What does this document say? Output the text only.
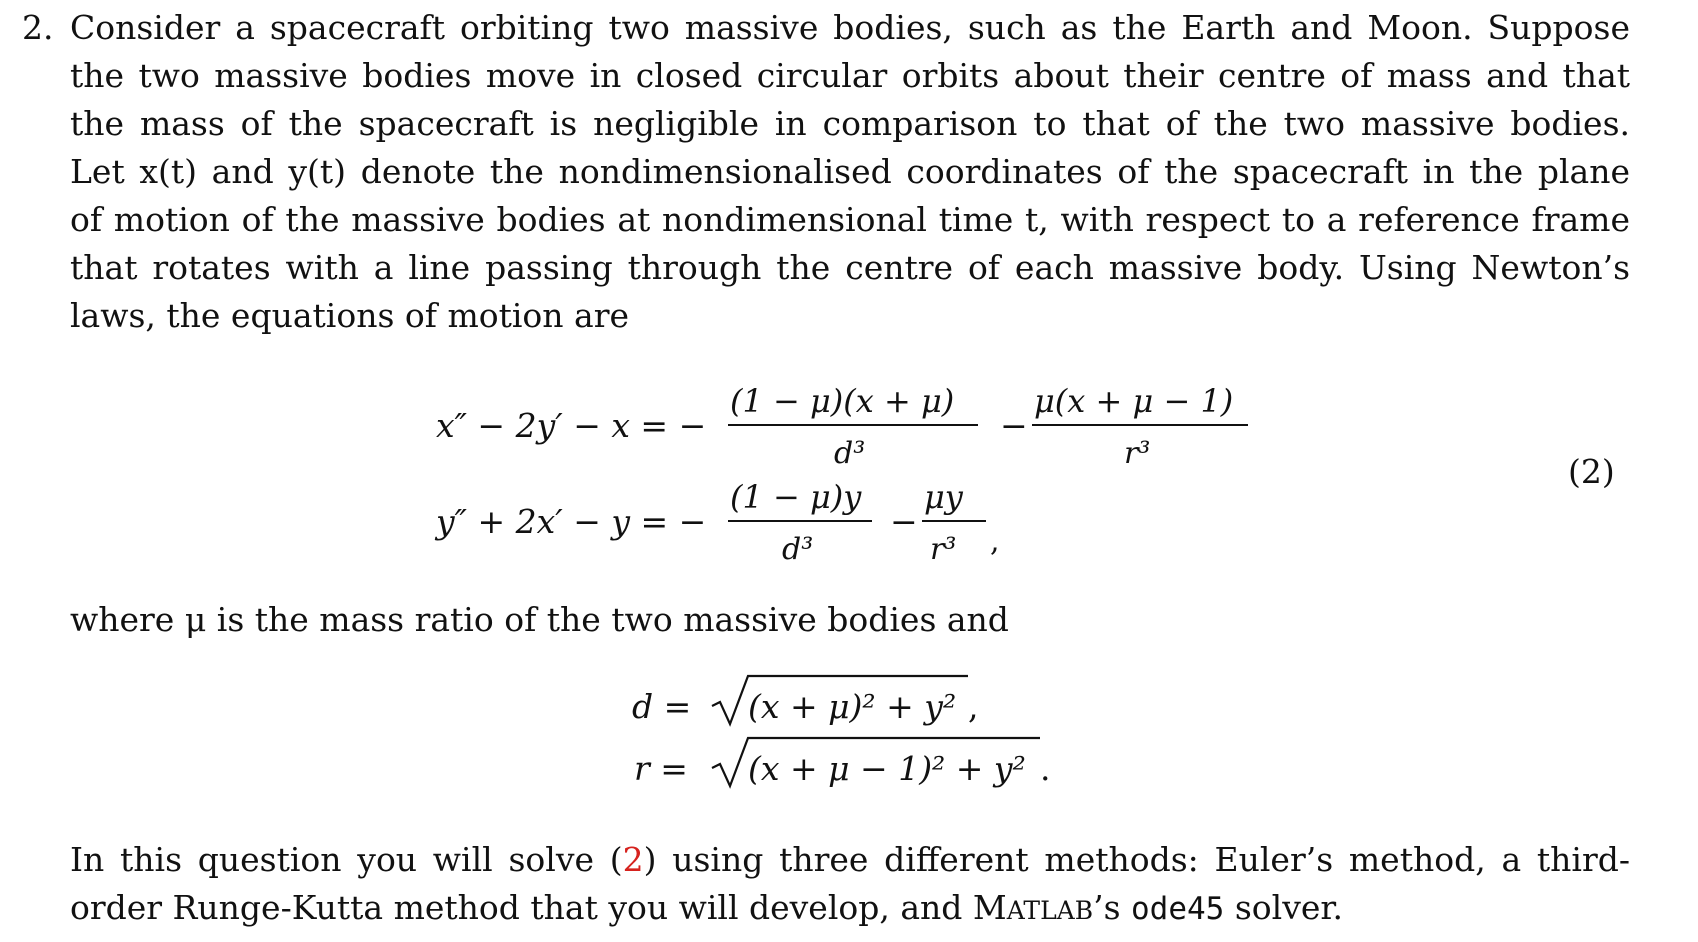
2. Consider a spacecraft orbiting two massive bodies, such as the Earth and Moon. Suppose
the two massive bodies move in closed circular orbits about their centre of mass and that
the mass of the spacecraft is negligible in comparison to that of the two massive bodies.
Let x(t) and y(t) denote the nondimensionalised coordinates of the spacecraft in the plane
of motion of the massive bodies at nondimensional time t, with respect to a reference frame
that rotates with a line passing through the centre of each massive body. Using Newton’s
laws, the equations of motion are
x″ − 2y′ − x = −
(1 − μ)(x + μ)
d³
−
μ(x + μ − 1)
r³	(2)
y″ + 2x′ − y = −
(1 − μ)y
d³
−
μy
r³ ,
d = (x + μ)² + y² ,
r = (x + μ − 1)² + y² .
where μ is the mass ratio of the two massive bodies and
In this question you will solve (2) using three different methods: Euler’s method, a third-
order Runge-Kutta method that you will develop, and MATLAB’s ode45 solver.
